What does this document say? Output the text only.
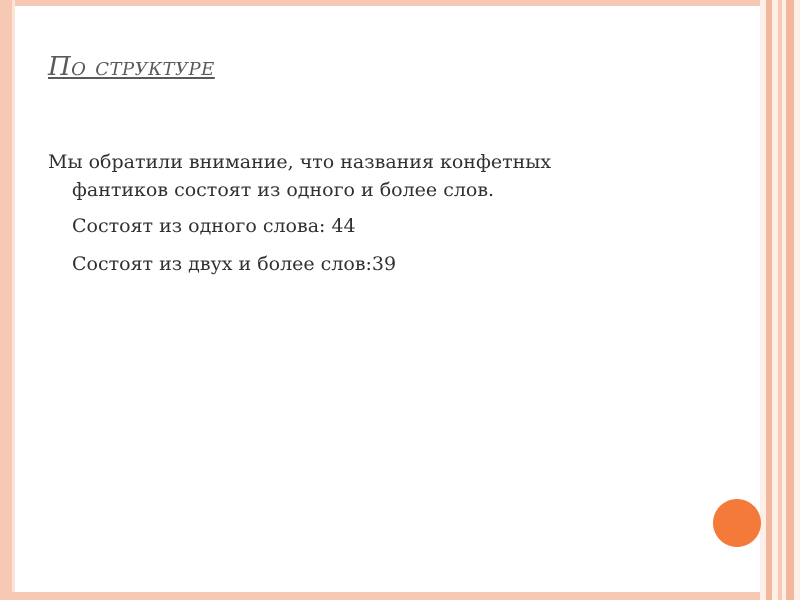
По структуре

Мы обратили внимание, что названия конфетных
фантиков состоят из одного и более слов.

Состоят из одного слова: 44
Состоят из двух и более слов:39
